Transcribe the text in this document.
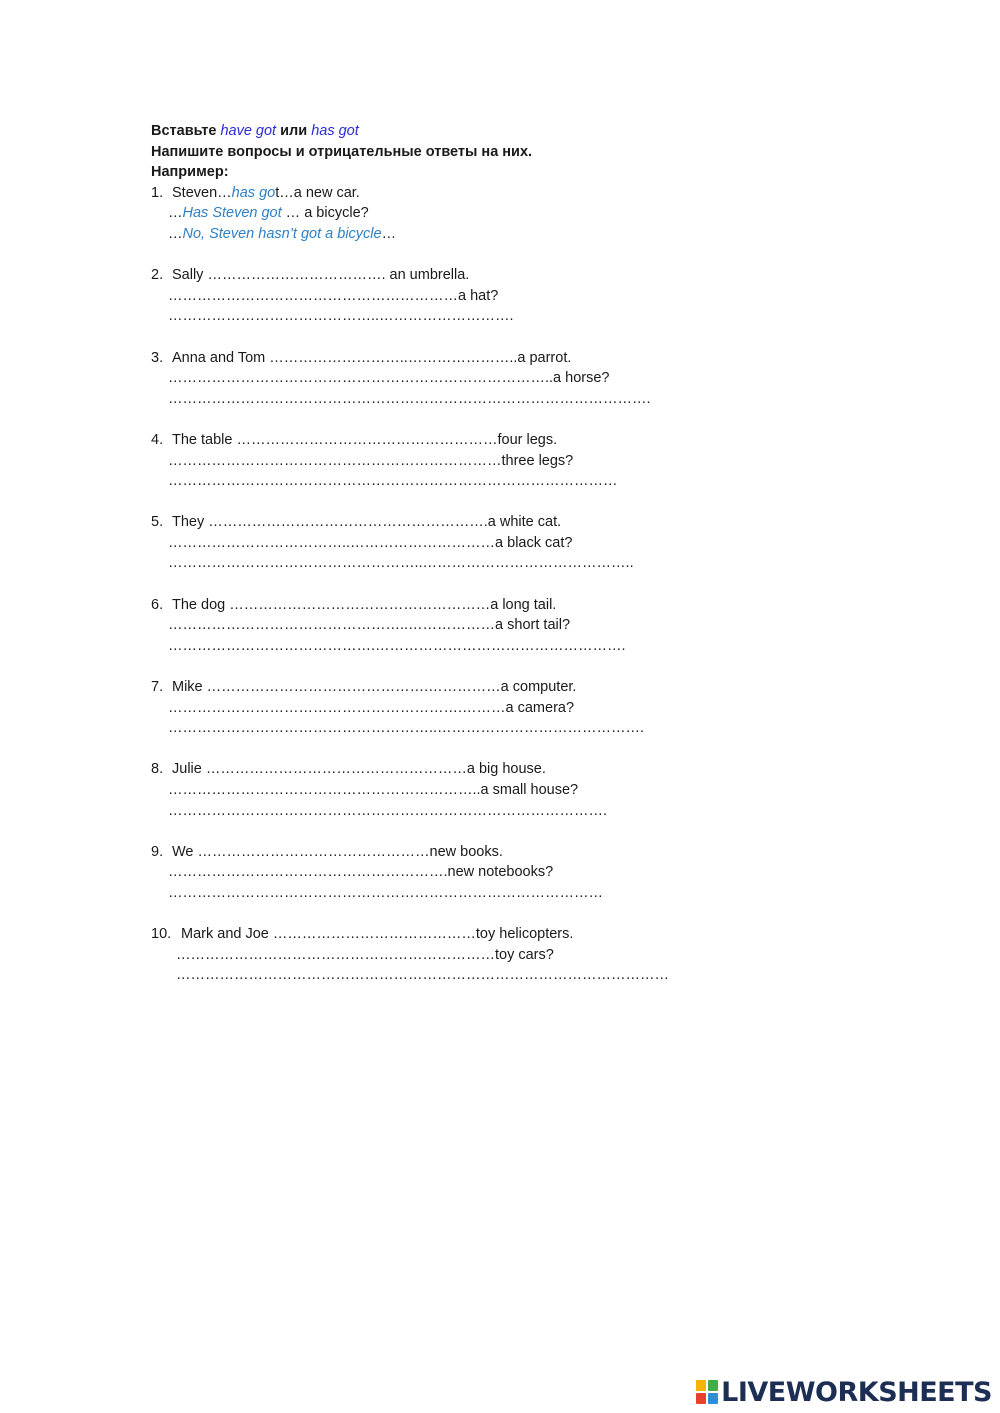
Вставьте have got или has got
Напишите вопросы и отрицательные ответы на них.
Например:
1. Steven…has got…a new car.
…Has Steven got … a bicycle?
…No, Steven hasn’t got a bicycle…
2. Sally ………………………………. an umbrella.
……………………………………………………a hat?
……………………………………..……………………….
3. Anna and Tom ………………………..…………………..a parrot.
……………………………………………………………………..a horse?
……………………………………………………………………………………….
4. The table ………………………………………………four legs.
……………………………………………………………three legs?
…………………………………………………………………………………
5. They ………………………………………………….a white cat.
………………………………..…………………………a black cat?
……………………………………………..……………………………………..
6. The dog ………………………………………………a long tail.
…………………………………………..………………a short tail?
…………………………………….…………………………………………….
7. Mike ……………………………………….……………a computer.
…………………………………………………….………a camera?
………………………………………………..…………………………………….
8. Julie ………………………………………………a big house.
………………………………………………………..a small house?
……………………………………………………………………………….
9. We …………………………………………new books.
………………………………………………….new notebooks?
………………………………………………………………………………
10. Mark and Joe ……………………………………toy helicopters.
…………………………………………………………toy cars?
…………………………………………………………………………………………
LIVEWORKSHEETS
